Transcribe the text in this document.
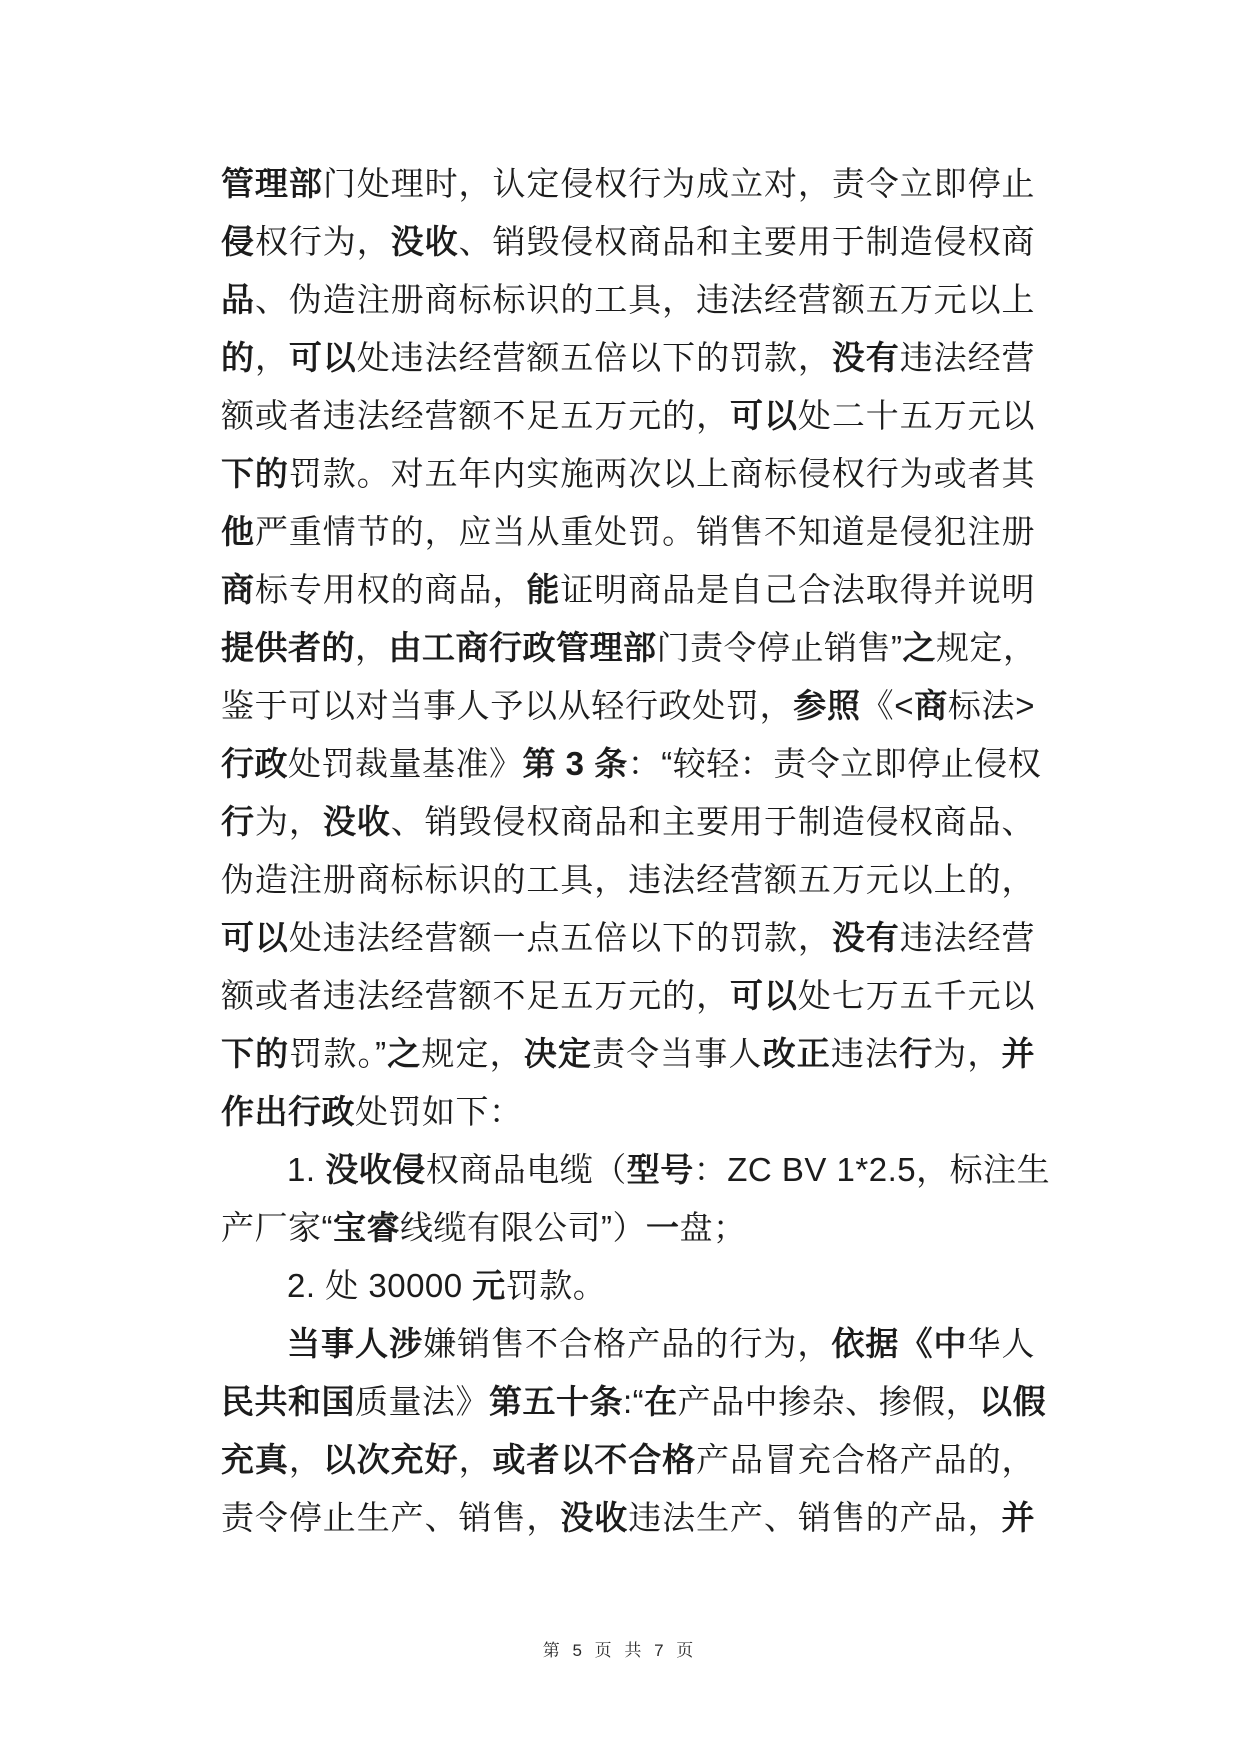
管理部门处理时，认定侵权行为成立对，责令立即停止
侵权行为，没收、销毁侵权商品和主要用于制造侵权商
品、伪造注册商标标识的工具，违法经营额五万元以上
的，可以处违法经营额五倍以下的罚款，没有违法经营
额或者违法经营额不足五万元的，可以处二十五万元以
下的罚款。对五年内实施两次以上商标侵权行为或者其
他严重情节的，应当从重处罚。销售不知道是侵犯注册
商标专用权的商品，能证明商品是自己合法取得并说明
提供者的，由工商行政管理部门责令停止销售”之规定，
鉴于可以对当事人予以从轻行政处罚，参照《<商标法>
行政处罚裁量基准》第 3 条：“较轻：责令立即停止侵权
行为，没收、销毁侵权商品和主要用于制造侵权商品、
伪造注册商标标识的工具，违法经营额五万元以上的，
可以处违法经营额一点五倍以下的罚款，没有违法经营
额或者违法经营额不足五万元的，可以处七万五千元以
下的罚款。”之规定，决定责令当事人改正违法行为，并
作出行政处罚如下：
1. 没收侵权商品电缆（型号：ZC BV 1*2.5，标注生
产厂家“宝睿线缆有限公司”）一盘；
2. 处 30000 元罚款。
当事人涉嫌销售不合格产品的行为，依据《中华人
民共和国质量法》第五十条:“在产品中掺杂、掺假，以假
充真，以次充好，或者以不合格产品冒充合格产品的，
责令停止生产、销售，没收违法生产、销售的产品，并
第 5 页 共 7 页
